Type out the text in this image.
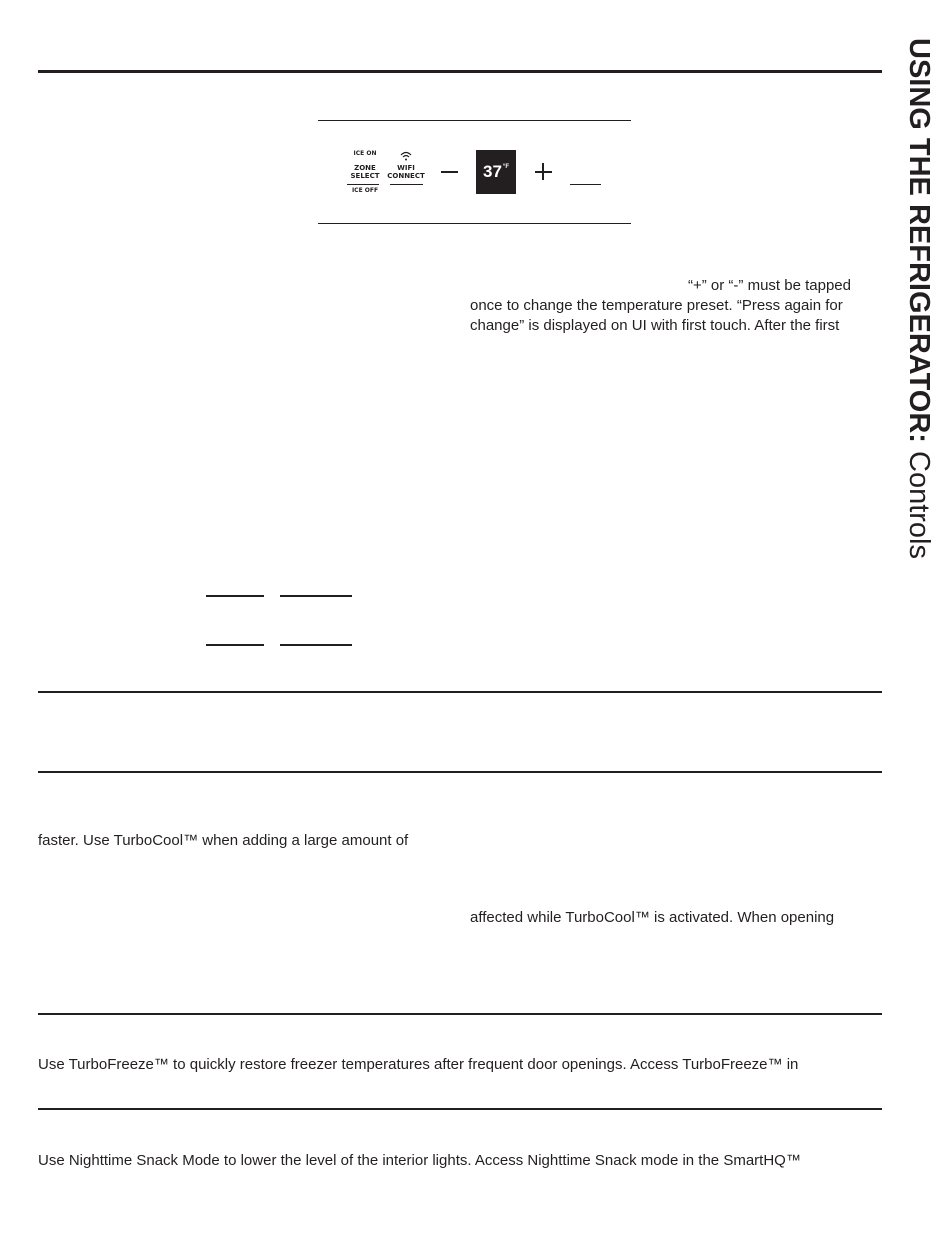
ICE ON
ZONE
SELECT
ICE OFF
WIFI
CONNECT	37 °F
“+” or “-” must be tapped
once to change the temperature preset. “Press again for
change” is displayed on UI with first touch. After the first
faster. Use TurboCool™ when adding a large amount of
affected while TurboCool™ is activated. When opening
Use TurboFreeze™ to quickly restore freezer temperatures after frequent door openings. Access TurboFreeze™ in
Use Nighttime Snack Mode to lower the level of the interior lights. Access Nighttime Snack mode in the SmartHQ™
USING THE REFRIGERATOR: Controls
